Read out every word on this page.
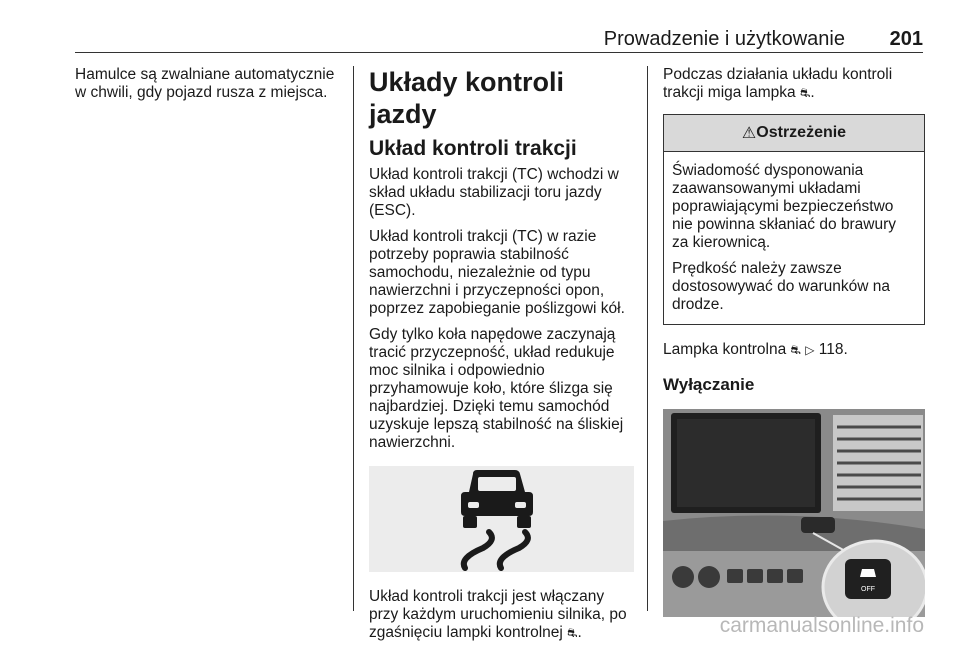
Prowadzenie i użytkowanie 201

Hamulce są zwalniane automatycznie w chwili, gdy pojazd rusza z miejsca. Układy kontroli jazdy
Układ kontroli trakcji

Układ kontroli trakcji (TC) wchodzi w skład układu stabilizacji toru jazdy (ESC).

Układ kontroli trakcji (TC) w razie potrzeby poprawia stabilność samochodu, niezależnie od typu nawierzchni i przyczepności opon, poprzez zapobieganie poślizgowi kół.

Gdy tylko koła napędowe zaczynają tracić przyczepność, układ redukuje moc silnika i odpowiednio przyhamowuje koło, które ślizga się najbardziej. Dzięki temu samochód uzyskuje lepszą stabilność na śliskiej nawierzchni.

Układ kontroli trakcji jest włączany przy każdym uruchomieniu silnika, po zgaśnięciu lampki kontrolnej ⛐.

Podczas działania układu kontroli trakcji miga lampka ⛐.

⚠ Ostrzeżenie

Świadomość dysponowania zaawansowanymi układami poprawiającymi bezpieczeństwo nie powinna skłaniać do brawury za kierownicą.

Prędkość należy zawsze dostosowywać do warunków na drodze.

Lampka kontrolna ⛐ ▷ 118.

Wyłączanie
OFF
carmanualsonline.info
